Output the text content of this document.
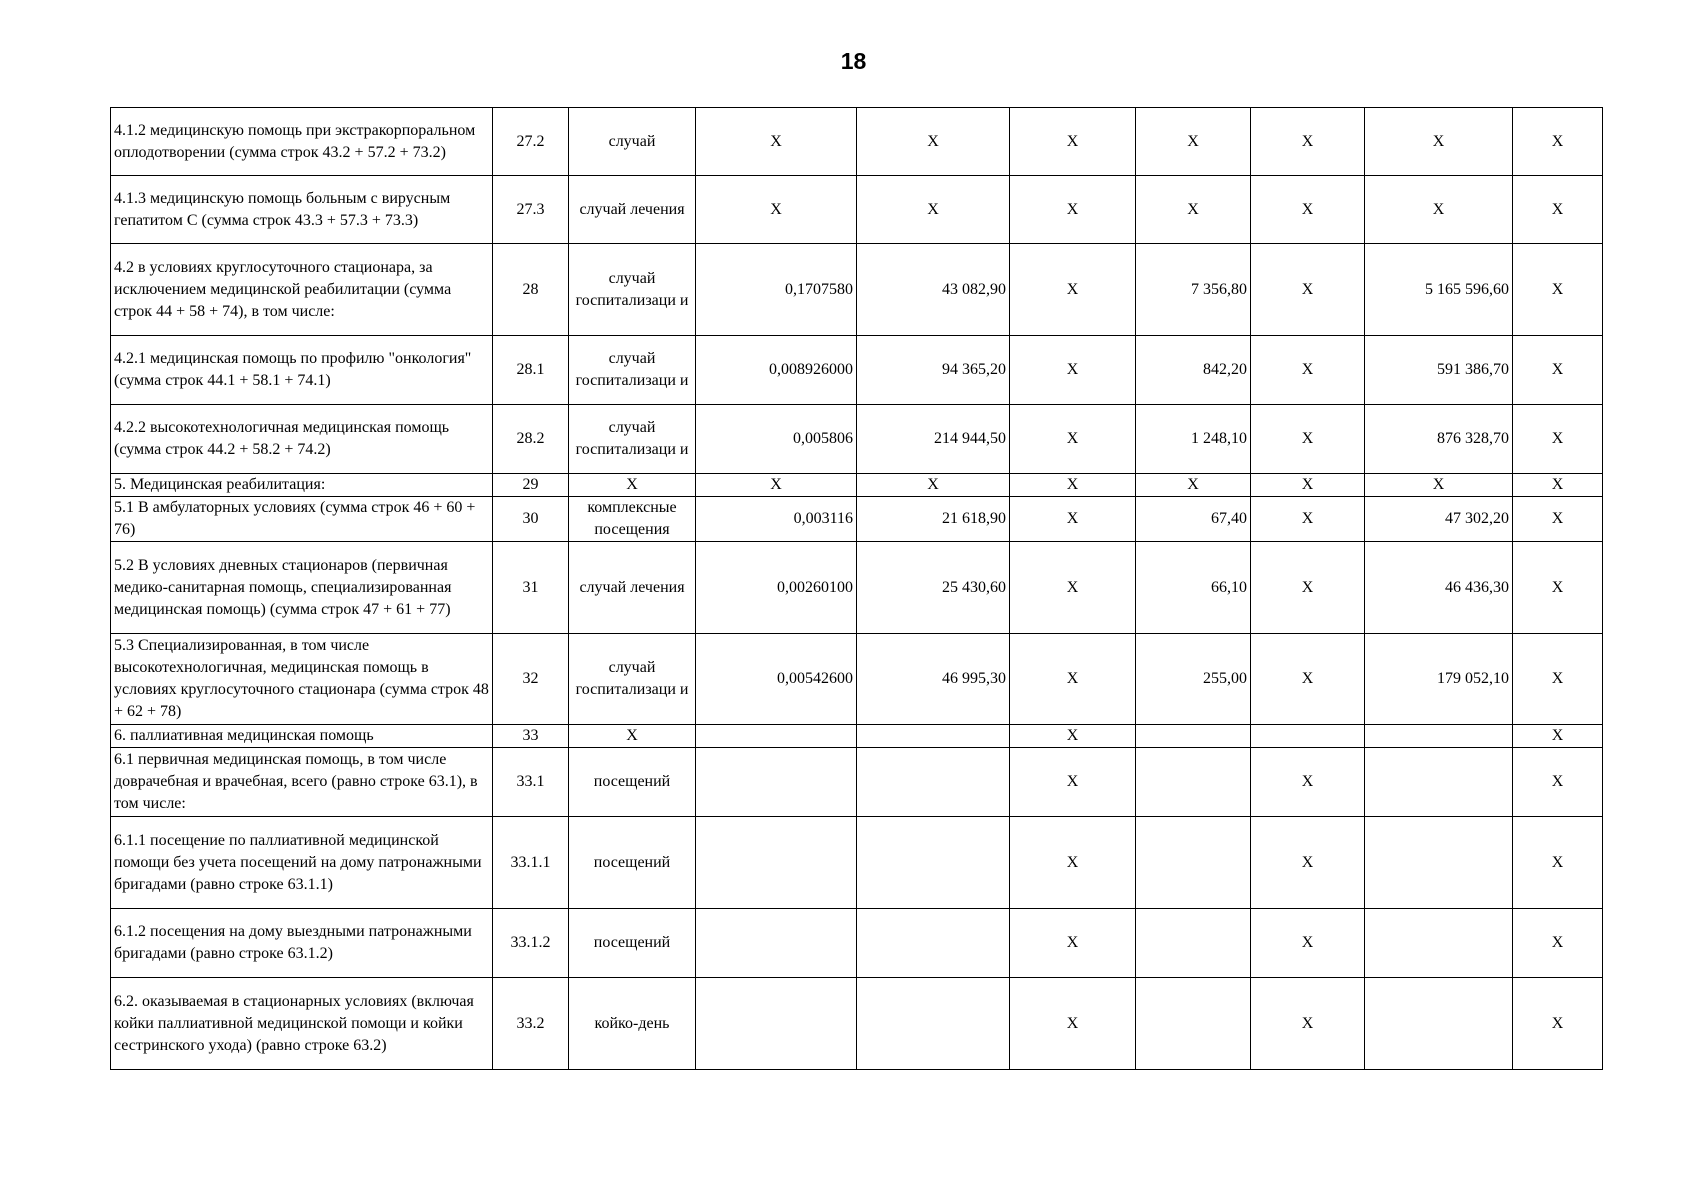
18
4.1.2 медицинскую помощь при экстракорпоральном оплодотворении (сумма строк 43.2 + 57.2 + 73.2)	27.2	случай	X	X	X	X	X	X	X
4.1.3 медицинскую помощь больным с вирусным гепатитом С (сумма строк 43.3 + 57.3 + 73.3)	27.3	случай лечения	X	X	X	X	X	X	X
4.2 в условиях круглосуточного стационара, за исключением медицинской реабилитации (сумма строк 44 + 58 + 74), в том числе:	28	случай госпитализаци и	0,1707580	43 082,90	X	7 356,80	X	5 165 596,60	X
4.2.1 медицинская помощь по профилю "онкология" (сумма строк 44.1 + 58.1 + 74.1)	28.1	случай госпитализаци и	0,008926000	94 365,20	X	842,20	X	591 386,70	X
4.2.2 высокотехнологичная медицинская помощь (сумма строк 44.2 + 58.2 + 74.2)	28.2	случай госпитализаци и	0,005806	214 944,50	X	1 248,10	X	876 328,70	X
5. Медицинская реабилитация:	29	X	X	X	X	X	X	X	X
5.1 В амбулаторных условиях (сумма строк 46 + 60 + 76)	30	комплексные посещения	0,003116	21 618,90	X	67,40	X	47 302,20	X
5.2 В условиях дневных стационаров (первичная медико-санитарная помощь, специализированная медицинская помощь) (сумма строк 47 + 61 + 77)	31	случай лечения	0,00260100	25 430,60	X	66,10	X	46 436,30	X
5.3 Специализированная, в том числе высокотехнологичная, медицинская помощь в условиях круглосуточного стационара (сумма строк 48 + 62 + 78)	32	случай госпитализаци и	0,00542600	46 995,30	X	255,00	X	179 052,10	X
6. паллиативная медицинская помощь	33	X			X				X
6.1 первичная медицинская помощь, в том числе доврачебная и врачебная, всего (равно строке 63.1), в том числе:	33.1	посещений			X		X		X
6.1.1 посещение по паллиативной медицинской помощи без учета посещений на дому патронажными бригадами (равно строке 63.1.1)	33.1.1	посещений			X		X		X
6.1.2 посещения на дому выездными патронажными бригадами (равно строке 63.1.2)	33.1.2	посещений			X		X		X
6.2. оказываемая в стационарных условиях (включая койки паллиативной медицинской помощи и койки сестринского ухода) (равно строке 63.2)	33.2	койко-день			X		X		X
